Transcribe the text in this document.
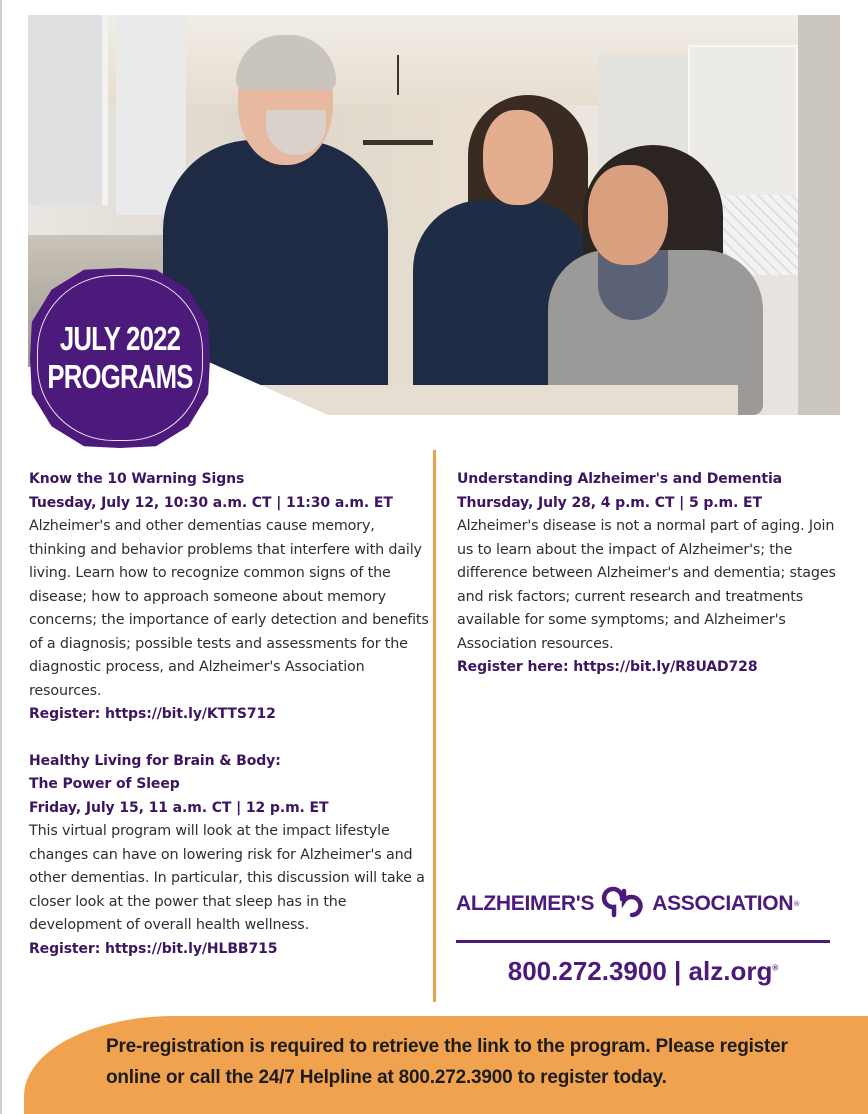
JULY 2022
PROGRAMS
Know the 10 Warning Signs
Tuesday, July 12, 10:30 a.m. CT | 11:30 a.m. ET
Alzheimer's and other dementias cause memory, thinking and behavior problems that interfere with daily living. Learn how to recognize common signs of the disease; how to approach someone about memory concerns; the importance of early detection and benefits of a diagnosis; possible tests and assessments for the diagnostic process, and Alzheimer's Association resources.
Register: https://bit.ly/KTTS712
Healthy Living for Brain & Body:
The Power of Sleep
Friday, July 15, 11 a.m. CT | 12 p.m. ET
This virtual program will look at the impact lifestyle changes can have on lowering risk for Alzheimer's and other dementias. In particular, this discussion will take a closer look at the power that sleep has in the development of overall health wellness.
Register: https://bit.ly/HLBB715
Understanding Alzheimer's and Dementia
Thursday, July 28, 4 p.m. CT | 5 p.m. ET
Alzheimer's disease is not a normal part of aging. Join us to learn about the impact of Alzheimer's; the difference between Alzheimer's and dementia; stages and risk factors; current research and treatments available for some symptoms; and Alzheimer's Association resources.
Register here: https://bit.ly/R8UAD728
ALZHEIMER'S	ASSOCIATION ®
800.272.3900 | alz.org®
Pre-registration is required to retrieve the link to the program. Please register online or call the 24/7 Helpline at 800.272.3900 to register today.
